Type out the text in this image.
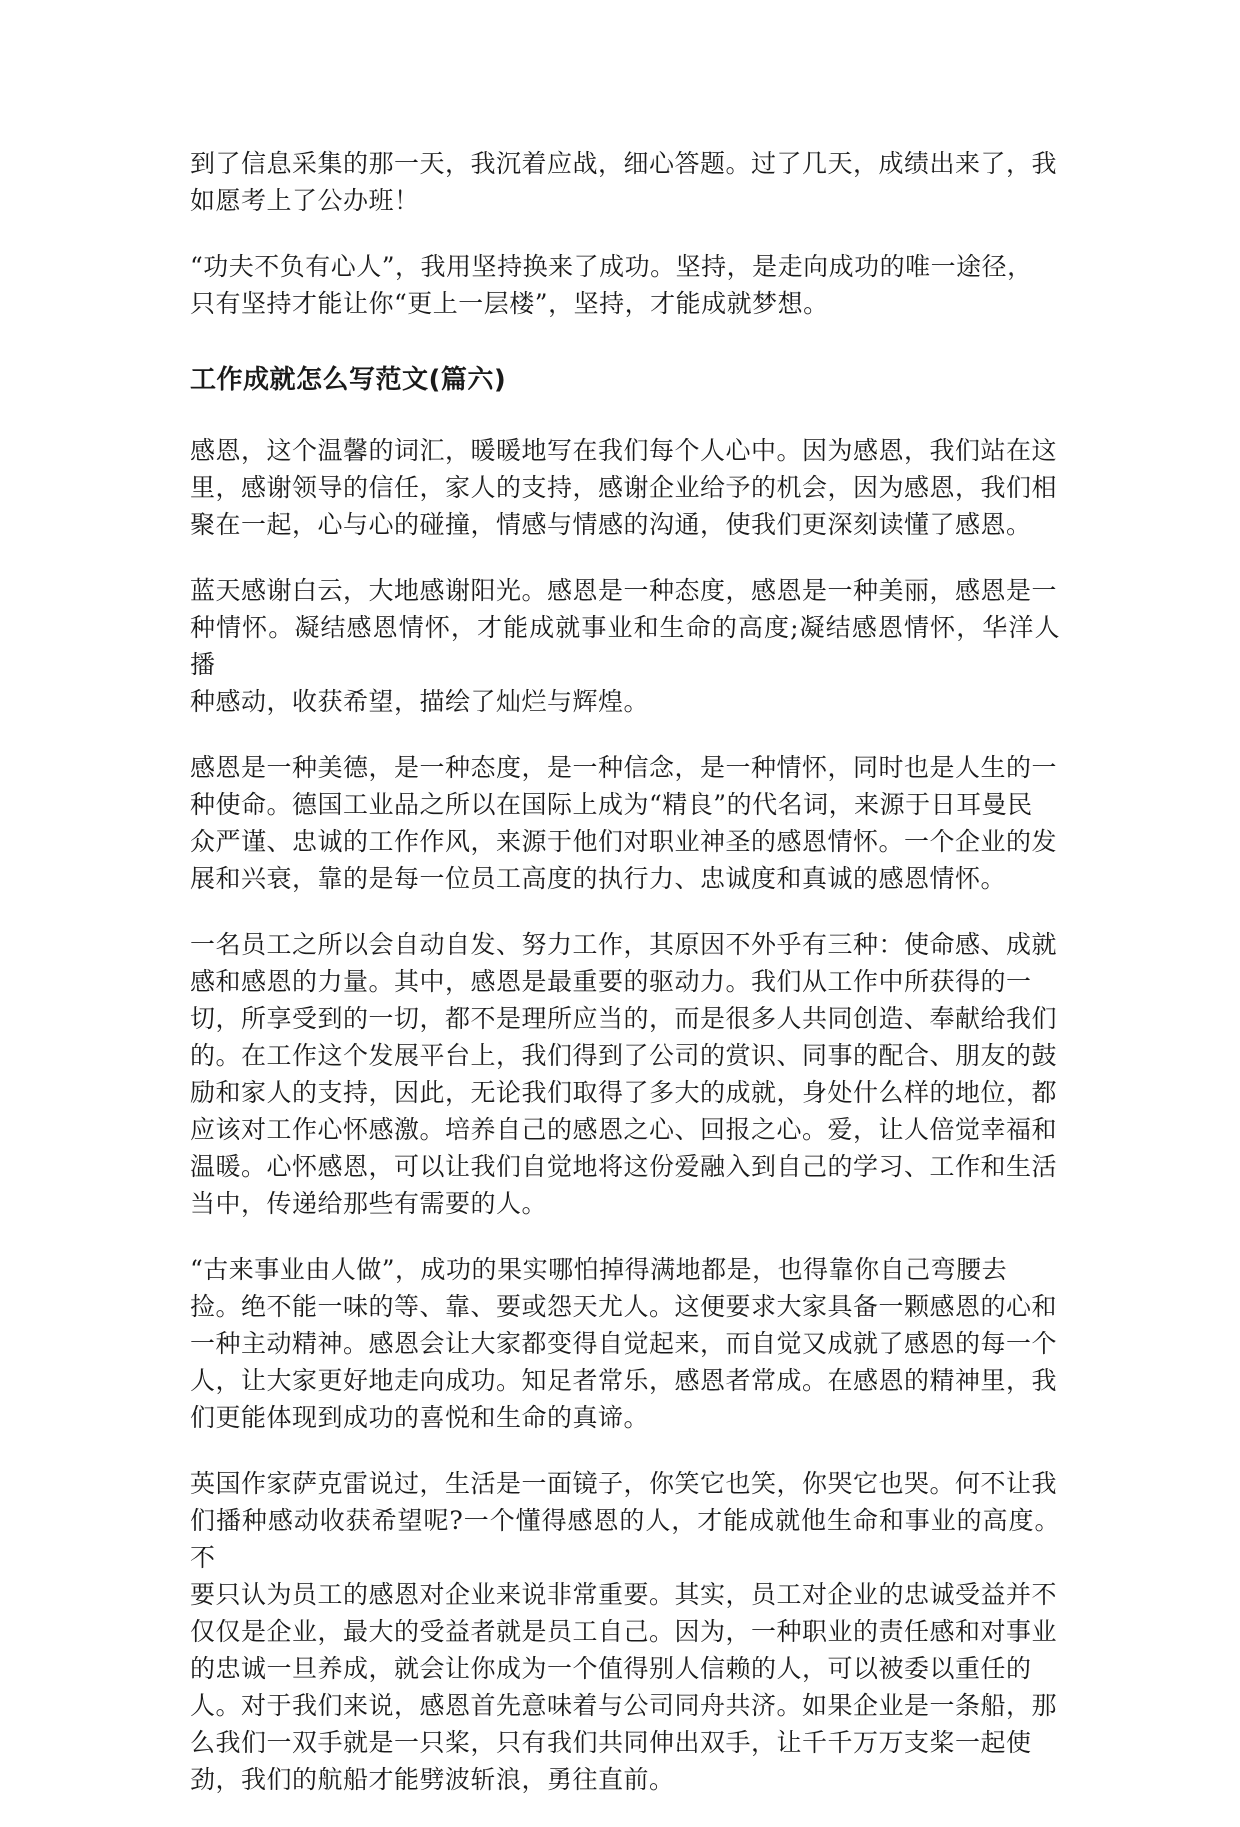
到了信息采集的那一天，我沉着应战，细心答题。过了几天，成绩出来了，我
如愿考上了公办班！

“功夫不负有心人”，我用坚持换来了成功。坚持，是走向成功的唯一途径，
只有坚持才能让你“更上一层楼”，坚持，才能成就梦想。

工作成就怎么写范文(篇六)

感恩，这个温馨的词汇，暖暖地写在我们每个人心中。因为感恩，我们站在这
里，感谢领导的信任，家人的支持，感谢企业给予的机会，因为感恩，我们相
聚在一起，心与心的碰撞，情感与情感的沟通，使我们更深刻读懂了感恩。

蓝天感谢白云，大地感谢阳光。感恩是一种态度，感恩是一种美丽，感恩是一
种情怀。凝结感恩情怀，才能成就事业和生命的高度;凝结感恩情怀，华洋人播
种感动，收获希望，描绘了灿烂与辉煌。

感恩是一种美德，是一种态度，是一种信念，是一种情怀，同时也是人生的一
种使命。德国工业品之所以在国际上成为“精良”的代名词，来源于日耳曼民
众严谨、忠诚的工作作风，来源于他们对职业神圣的感恩情怀。一个企业的发
展和兴衰，靠的是每一位员工高度的执行力、忠诚度和真诚的感恩情怀。

一名员工之所以会自动自发、努力工作，其原因不外乎有三种：使命感、成就
感和感恩的力量。其中，感恩是最重要的驱动力。我们从工作中所获得的一
切，所享受到的一切，都不是理所应当的，而是很多人共同创造、奉献给我们
的。在工作这个发展平台上，我们得到了公司的赏识、同事的配合、朋友的鼓
励和家人的支持，因此，无论我们取得了多大的成就，身处什么样的地位，都
应该对工作心怀感激。培养自己的感恩之心、回报之心。爱，让人倍觉幸福和
温暖。心怀感恩，可以让我们自觉地将这份爱融入到自己的学习、工作和生活
当中，传递给那些有需要的人。

“古来事业由人做”，成功的果实哪怕掉得满地都是，也得靠你自己弯腰去
捡。绝不能一味的等、靠、要或怨天尤人。这便要求大家具备一颗感恩的心和
一种主动精神。感恩会让大家都变得自觉起来，而自觉又成就了感恩的每一个
人，让大家更好地走向成功。知足者常乐，感恩者常成。在感恩的精神里，我
们更能体现到成功的喜悦和生命的真谛。

英国作家萨克雷说过，生活是一面镜子，你笑它也笑，你哭它也哭。何不让我
们播种感动收获希望呢?一个懂得感恩的人，才能成就他生命和事业的高度。不
要只认为员工的感恩对企业来说非常重要。其实，员工对企业的忠诚受益并不
仅仅是企业，最大的受益者就是员工自己。因为，一种职业的责任感和对事业
的忠诚一旦养成，就会让你成为一个值得别人信赖的人，可以被委以重任的
人。对于我们来说，感恩首先意味着与公司同舟共济。如果企业是一条船，那
么我们一双手就是一只桨，只有我们共同伸出双手，让千千万万支桨一起使
劲，我们的航船才能劈波斩浪，勇往直前。
